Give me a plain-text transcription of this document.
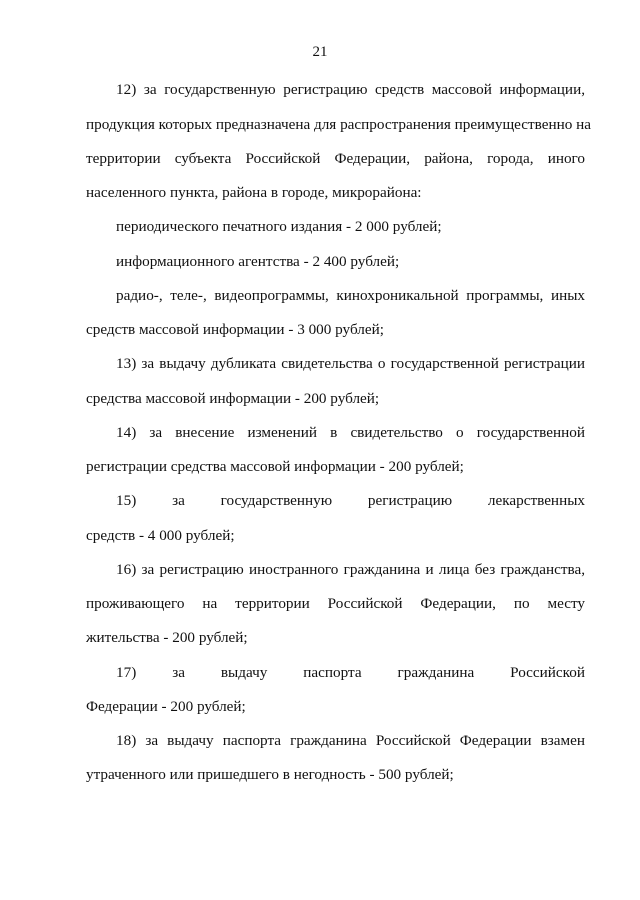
21
12) за государственную регистрацию средств массовой информации,
продукция которых предназначена для распространения преимущественно на
территории субъекта Российской Федерации, района, города, иного
населенного пункта, района в городе, микрорайона:
периодического печатного издания - 2 000 рублей;
информационного агентства - 2 400 рублей;
радио-, теле-, видеопрограммы, кинохроникальной программы, иных
средств массовой информации - 3 000 рублей;
13) за выдачу дубликата свидетельства о государственной регистрации
средства массовой информации - 200 рублей;
14) за внесение изменений в свидетельство о государственной
регистрации средства массовой информации - 200 рублей;
15) за государственную регистрацию лекарственных
средств - 4 000 рублей;
16) за регистрацию иностранного гражданина и лица без гражданства,
проживающего на территории Российской Федерации, по месту
жительства - 200 рублей;
17) за выдачу паспорта гражданина Российской
Федерации - 200 рублей;
18) за выдачу паспорта гражданина Российской Федерации взамен
утраченного или пришедшего в негодность - 500 рублей;
